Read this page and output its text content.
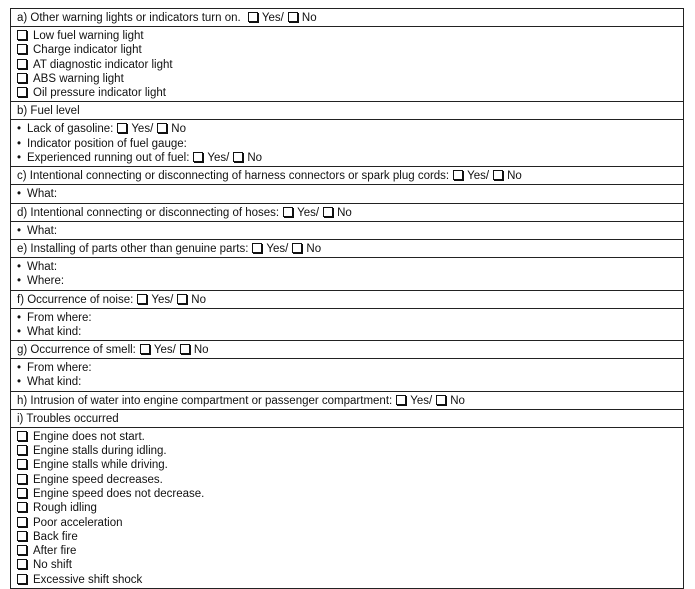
a) Other warning lights or indicators turn on. Yes/ No
Low fuel warning light
Charge indicator light
AT diagnostic indicator light
ABS warning light
Oil pressure indicator light
b) Fuel level
• Lack of gasoline: Yes/ No
• Indicator position of fuel gauge:
• Experienced running out of fuel: Yes/ No
c) Intentional connecting or disconnecting of harness connectors or spark plug cords: Yes/ No
• What:
d) Intentional connecting or disconnecting of hoses: Yes/ No
• What:
e) Installing of parts other than genuine parts: Yes/ No
• What:
• Where:
f) Occurrence of noise: Yes/ No
• From where:
• What kind:
g) Occurrence of smell: Yes/ No
• From where:
• What kind:
h) Intrusion of water into engine compartment or passenger compartment: Yes/ No
i) Troubles occurred
Engine does not start.
Engine stalls during idling.
Engine stalls while driving.
Engine speed decreases.
Engine speed does not decrease.
Rough idling
Poor acceleration
Back fire
After fire
No shift
Excessive shift shock
